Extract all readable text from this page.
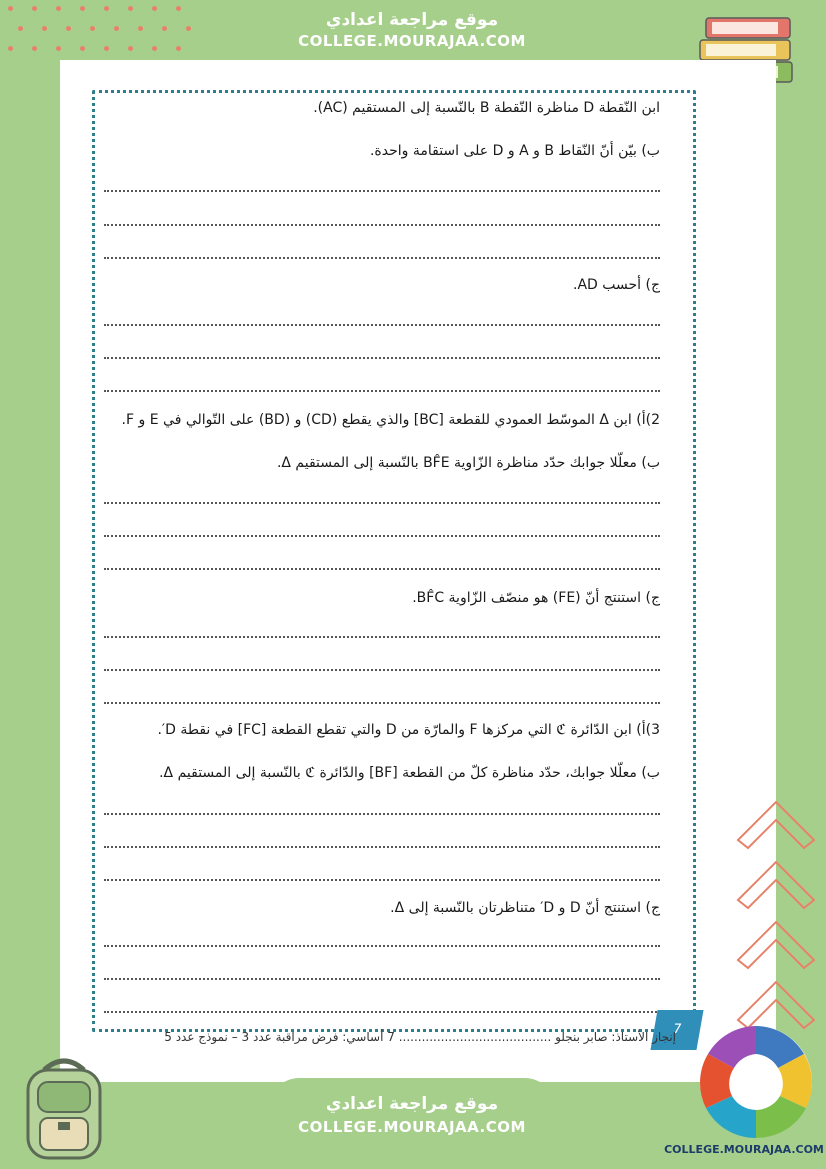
موقع مراجعة اعدادي
COLLEGE.MOURAJAA.COM
ابن النّقطة D مناظرة النّقطة B بالنّسبة إلى المستقيم (AC).
ب) بيّن أنّ النّقاط B و A و D على استقامة واحدة.
ج) أحسب AD.
2)أ) ابن Δ الموسّط العمودي للقطعة [BC] والذي يقطع (CD) و (BD) على التّوالي في E و F.
ب) معلّلا جوابك حدّد مناظرة الزّاوية BF̂E بالنّسبة إلى المستقيم Δ.
ج) استنتج أنّ (FE) هو منصّف الزّاوية BF̂C.
3)أ) ابن الدّائرة ℭ التي مركزها F والمارّة من D والتي تقطع القطعة [FC] في نقطة D′.
ب) معلّلا جوابك، حدّد مناظرة كلّ من القطعة [BF] والدّائرة ℭ بالنّسبة إلى المستقيم Δ.
ج) استنتج أنّ D و D′ متناظرتان بالنّسبة إلى Δ.
7
إنجاز الأستاذ: صابر بنجلو ........................................ 7 أساسي: فرض مراقبة عدد 3 – نموذج عدد 5
موقع مراجعة اعدادي
COLLEGE.MOURAJAA.COM
COLLEGE.MOURAJAA.COM
